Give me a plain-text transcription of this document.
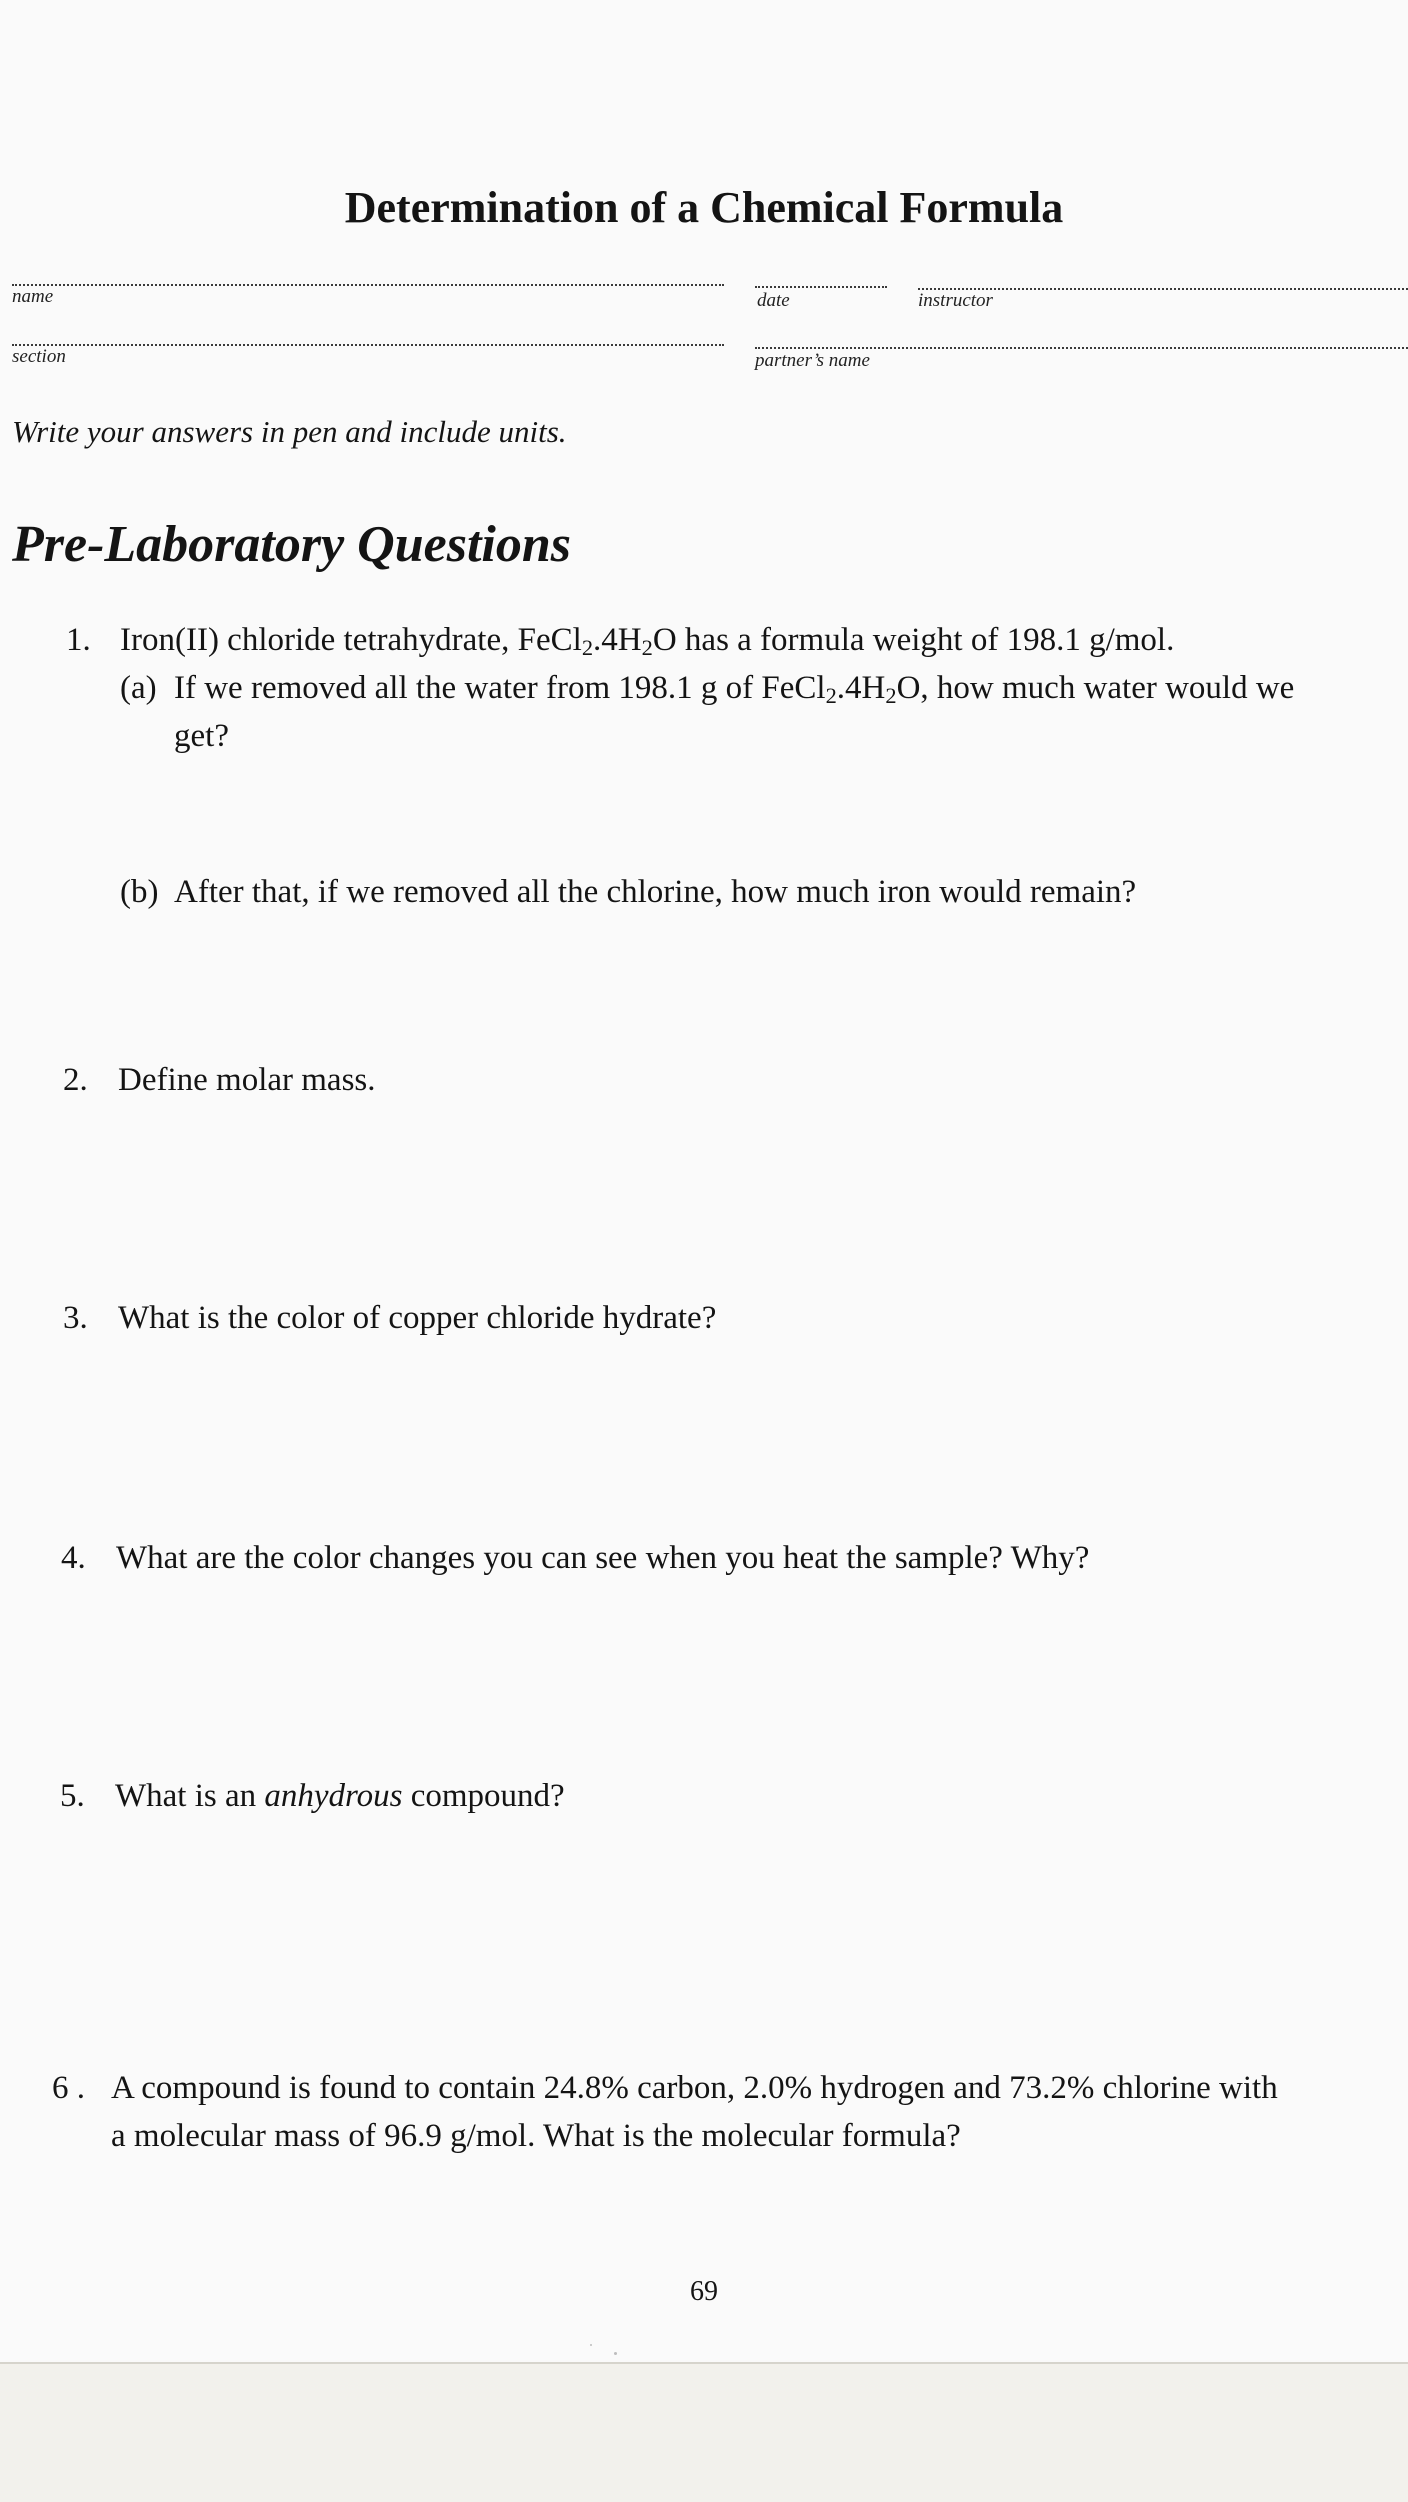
Determination of a Chemical Formula
name	date	instructor
section	partner’s name
Write your answers in pen and include units.
Pre-Laboratory Questions
1. Iron(II) chloride tetrahydrate, $FeCl_2.4H_2O$ has a formula weight of 198.1 g/mol.
(a) If we removed all the water from 198.1 g of $FeCl_2.4H_2O$, how much water would we
get?
(b) After that, if we removed all the chlorine, how much iron would remain?
2. Define molar mass.
3. What is the color of copper chloride hydrate?
4. What are the color changes you can see when you heat the sample? Why?
5. What is an anhydrous compound?
6 . A compound is found to contain 24.8% carbon, 2.0% hydrogen and 73.2% chlorine with
a molecular mass of 96.9 g/mol. What is the molecular formula?
69
